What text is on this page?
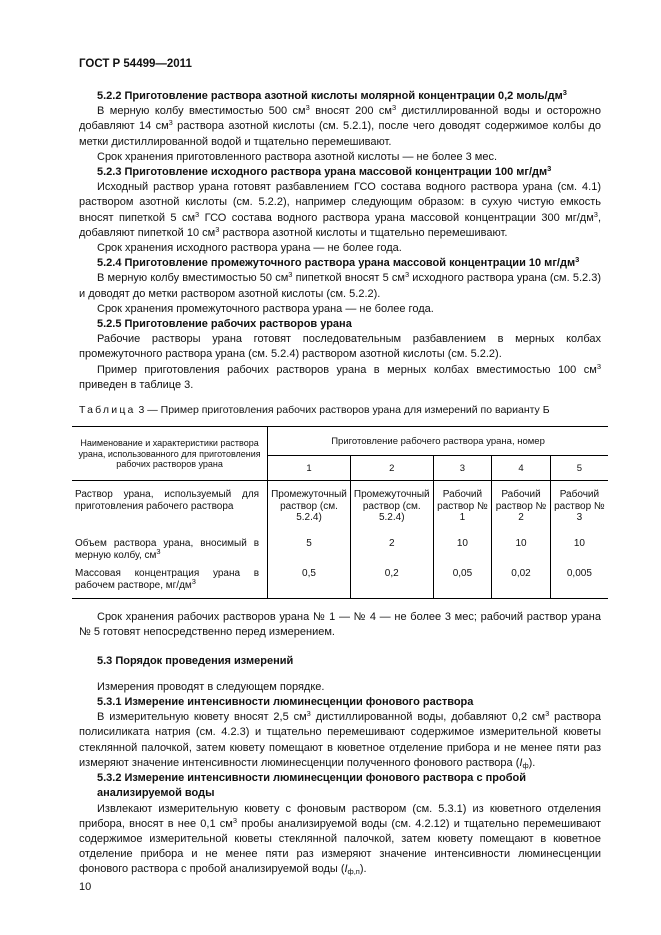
ГОСТ Р 54499—2011
5.2.2 Приготовление раствора азотной кислоты молярной концентрации 0,2 моль/$дм^3$
В мерную колбу вместимостью 500 $см^3$ вносят 200 $см^3$ дистиллированной воды и осторожно добавляют 14 $см^3$ раствора азотной кислоты (см. 5.2.1), после чего доводят содержимое колбы до метки дистиллированной водой и тщательно перемешивают.
Срок хранения приготовленного раствора азотной кислоты — не более 3 мес.
5.2.3 Приготовление исходного раствора урана массовой концентрации 100 $мг/дм^3$
Исходный раствор урана готовят разбавлением ГСО состава водного раствора урана (см. 4.1) раствором азотной кислоты (см. 5.2.2), например следующим образом: в сухую чистую емкость вносят пипеткой 5 $см^3$ ГСО состава водного раствора урана массовой концентрации 300 $мг/дм^3$, добавляют пипеткой 10 $см^3$ раствора азотной кислоты и тщательно перемешивают.
Срок хранения исходного раствора урана — не более года.
5.2.4 Приготовление промежуточного раствора урана массовой концентрации 10 $мг/дм^3$
В мерную колбу вместимостью 50 $см^3$ пипеткой вносят 5 $см^3$ исходного раствора урана (см. 5.2.3) и доводят до метки раствором азотной кислоты (см. 5.2.2).
Срок хранения промежуточного раствора урана — не более года.
5.2.5 Приготовление рабочих растворов урана
Рабочие растворы урана готовят последовательным разбавлением в мерных колбах промежуточного раствора урана (см. 5.2.4) раствором азотной кислоты (см. 5.2.2).
Пример приготовления рабочих растворов урана в мерных колбах вместимостью 100 $см^3$ приведен в таблице 3.
Таблица 3 — Пример приготовления рабочих растворов урана для измерений по варианту Б
Наименование и характеристики раствора урана, использованного для приготовления рабочих растворов урана	Приготовление рабочего раствора урана, номер				
	1	2	3	4	5
Раствор урана, используемый для приготовления рабочего раствора	Промежуточный раствор (см. 5.2.4)	Промежуточный раствор (см. 5.2.4)	Рабочий раствор № 1	Рабочий раствор № 2	Рабочий раствор № 3
Объем раствора урана, вносимый в мерную колбу, $см^3$	5	2	10	10	10
Массовая концентрация урана в рабочем растворе, $мг/дм^3$	0,5	0,2	0,05	0,02	0,005
Срок хранения рабочих растворов урана № 1 — № 4 — не более 3 мес; рабочий раствор урана № 5 готовят непосредственно перед измерением.
5.3 Порядок проведения измерений
Измерения проводят в следующем порядке.
5.3.1 Измерение интенсивности люминесценции фонового раствора
В измерительную кювету вносят 2,5 $см^3$ дистиллированной воды, добавляют 0,2 $см^3$ раствора полисиликата натрия (см. 4.2.3) и тщательно перемешивают содержимое измерительной кюветы стеклянной палочкой, затем кювету помещают в кюветное отделение прибора и не менее пяти раз измеряют значение интенсивности люминесценции полученного фонового раствора $(I_ф)$.
5.3.2 Измерение интенсивности люминесценции фонового раствора с пробой анализируемой воды
Извлекают измерительную кювету с фоновым раствором (см. 5.3.1) из кюветного отделения прибора, вносят в нее 0,1 $см^3$ пробы анализируемой воды (см. 4.2.12) и тщательно перемешивают содержимое измерительной кюветы стеклянной палочкой, затем кювету помещают в кюветное отделение прибора и не менее пяти раз измеряют значение интенсивности люминесценции фонового раствора с пробой анализируемой воды $(I_{ф,п})$.
10
